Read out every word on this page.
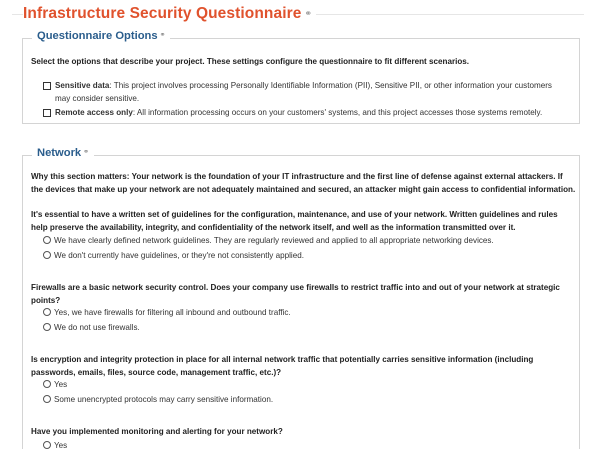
Infrastructure Security Questionnaire ⚭
Questionnaire Options ⚭
Select the options that describe your project. These settings configure the questionnaire to fit different scenarios.
Sensitive data: This project involves processing Personally Identifiable Information (PII), Sensitive PII, or other information your customers may consider sensitive.
Remote access only: All information processing occurs on your customers' systems, and this project accesses those systems remotely.
Network ⚭
Why this section matters: Your network is the foundation of your IT infrastructure and the first line of defense against external attackers. If the devices that make up your network are not adequately maintained and secured, an attacker might gain access to confidential information.
It's essential to have a written set of guidelines for the configuration, maintenance, and use of your network. Written guidelines and rules help preserve the availability, integrity, and confidentiality of the network itself, and well as the information transmitted over it.
We have clearly defined network guidelines. They are regularly reviewed and applied to all appropriate networking devices.
We don't currently have guidelines, or they're not consistently applied.
Firewalls are a basic network security control. Does your company use firewalls to restrict traffic into and out of your network at strategic points?
Yes, we have firewalls for filtering all inbound and outbound traffic.
We do not use firewalls.
Is encryption and integrity protection in place for all internal network traffic that potentially carries sensitive information (including passwords, emails, files, source code, management traffic, etc.)?
Yes
Some unencrypted protocols may carry sensitive information.
Have you implemented monitoring and alerting for your network?
Yes
